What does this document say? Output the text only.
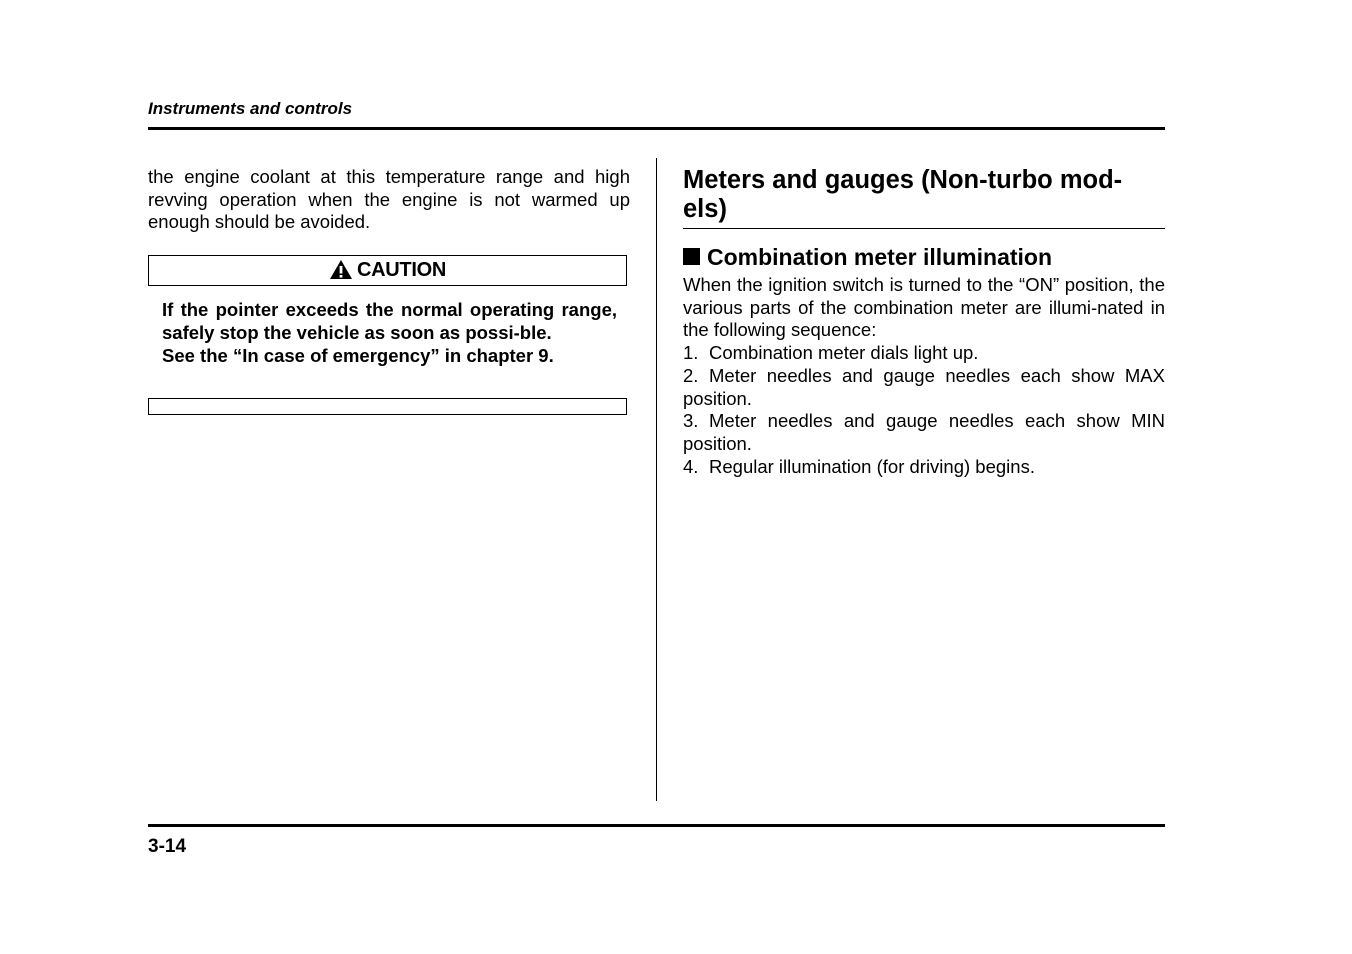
Instruments and controls

the engine coolant at this temperature range and high revving operation when the engine is not warmed up enough should be avoided.

CAUTION

If the pointer exceeds the normal operating range, safely stop the vehicle as soon as possi-ble.

See the “In case of emergency” in chapter 9.

Meters and gauges (Non-turbo mod-els)
Combination meter illumination

When the ignition switch is turned to the “ON” position, the various parts of the combination meter are illumi-nated in the following sequence:

1. Combination meter dials light up.

2. Meter needles and gauge needles each show MAX position.

3. Meter needles and gauge needles each show MIN position.

4. Regular illumination (for driving) begins.

3-14
